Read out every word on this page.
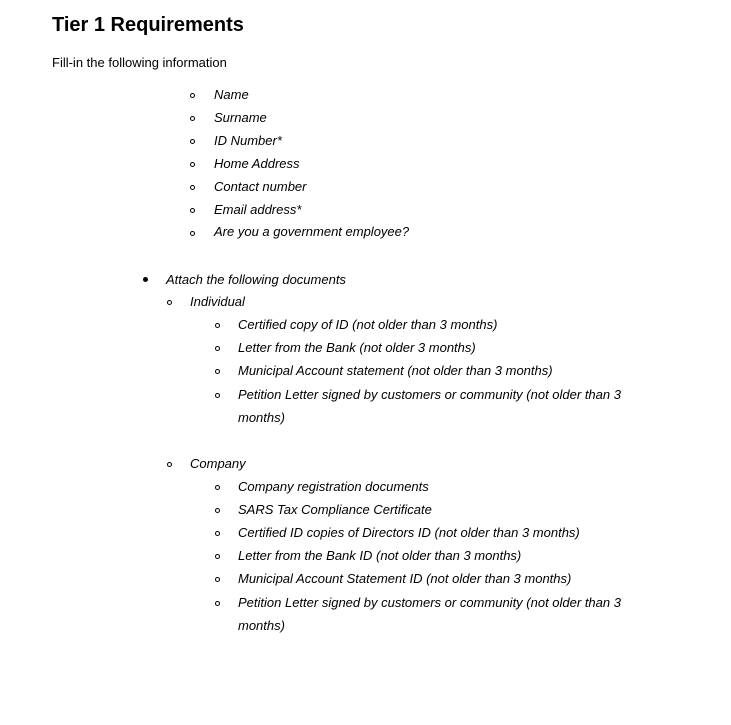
Tier 1 Requirements
Fill-in the following information
Name
Surname
ID Number*
Home Address
Contact number
Email address*
Are you a government employee?
Attach the following documents
Individual
Certified copy of ID (not older than 3 months)
Letter from the Bank (not older 3 months)
Municipal Account statement (not older than 3 months)
Petition Letter signed by customers or community (not older than 3
months)
Company
Company registration documents
SARS Tax Compliance Certificate
Certified ID copies of Directors ID (not older than 3 months)
Letter from the Bank ID (not older than 3 months)
Municipal Account Statement ID (not older than 3 months)
Petition Letter signed by customers or community (not older than 3
months)
